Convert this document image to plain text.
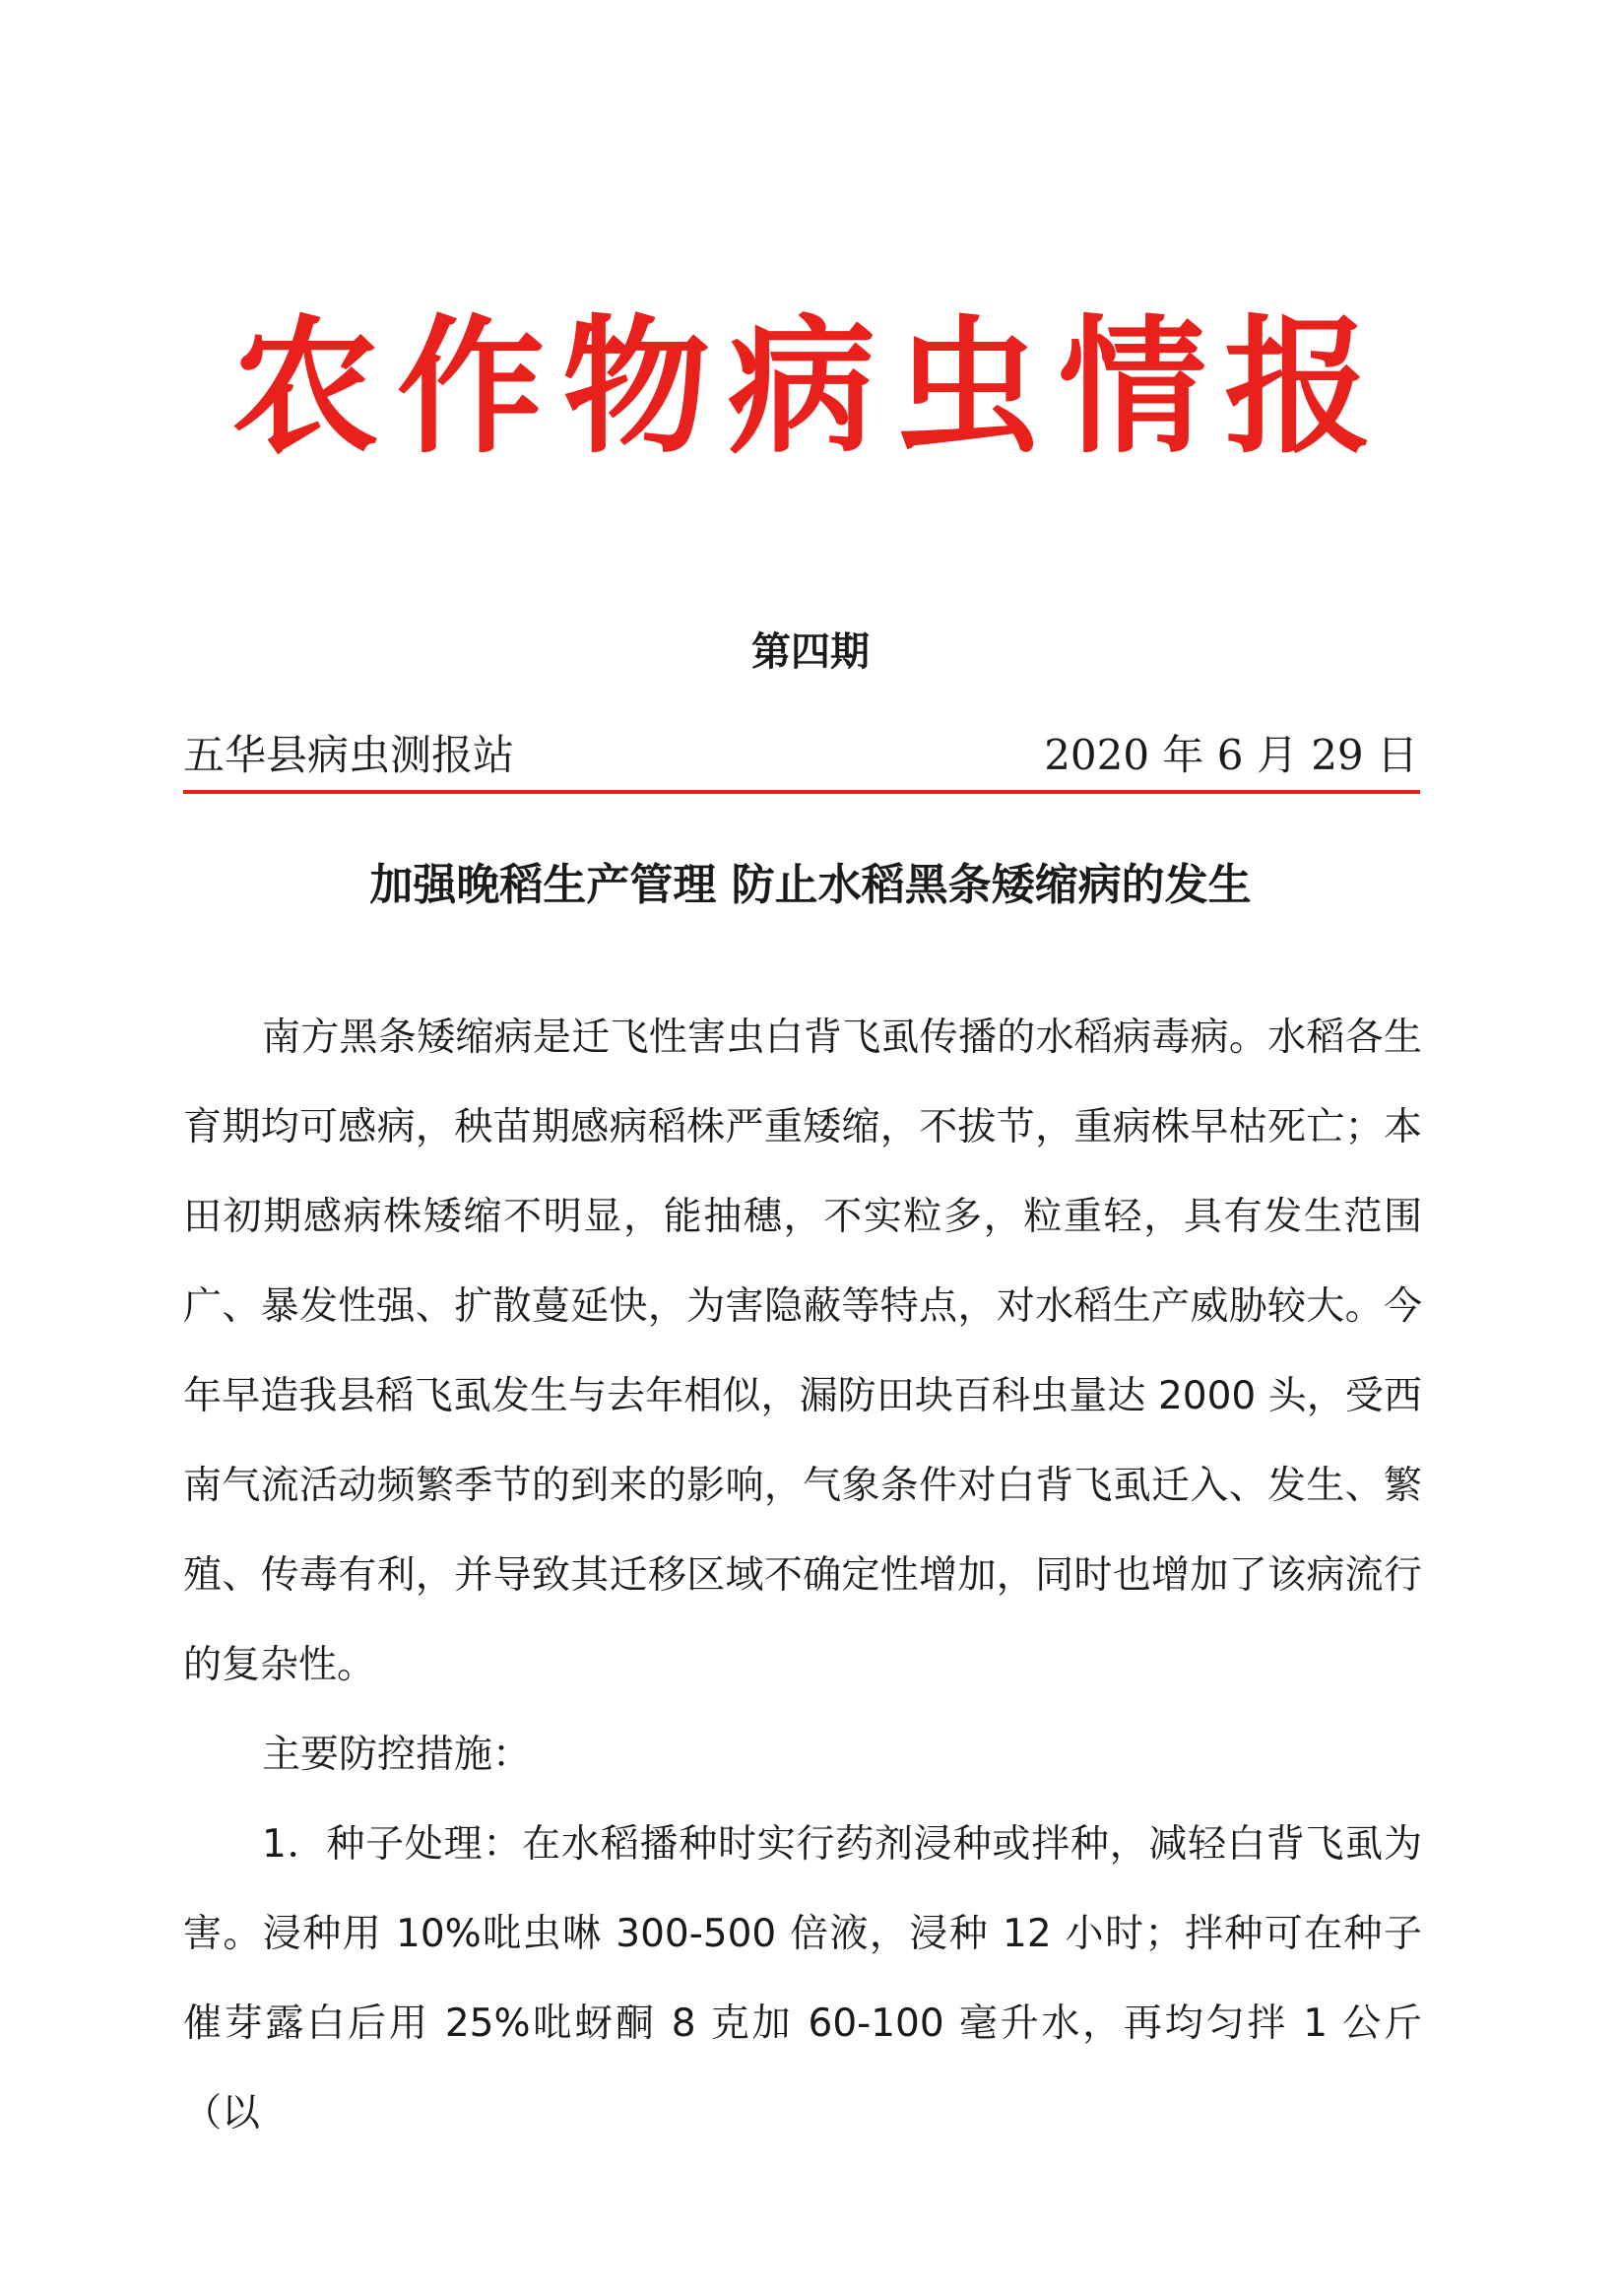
农作物病虫情报
第四期
五华县病虫测报站	2020 年 6 月 29 日
加强晚稻生产管理 防止水稻黑条矮缩病的发生

南方黑条矮缩病是迁飞性害虫白背飞虱传播的水稻病毒病。水稻各生育期均可感病，秧苗期感病稻株严重矮缩，不拔节，重病株早枯死亡；本田初期感病株矮缩不明显，能抽穗，不实粒多，粒重轻，具有发生范围广、暴发性强、扩散蔓延快，为害隐蔽等特点，对水稻生产威胁较大。今年早造我县稻飞虱发生与去年相似，漏防田块百科虫量达 2000 头，受西南气流活动频繁季节的到来的影响，气象条件对白背飞虱迁入、发生、繁殖、传毒有利，并导致其迁移区域不确定性增加，同时也增加了该病流行的复杂性。

主要防控措施：

1．种子处理：在水稻播种时实行药剂浸种或拌种，减轻白背飞虱为害。浸种用 10%吡虫啉 300-500 倍液，浸种 12 小时；拌种可在种子催芽露白后用 25%吡蚜酮 8 克加 60-100 毫升水，再均匀拌 1 公斤（以
